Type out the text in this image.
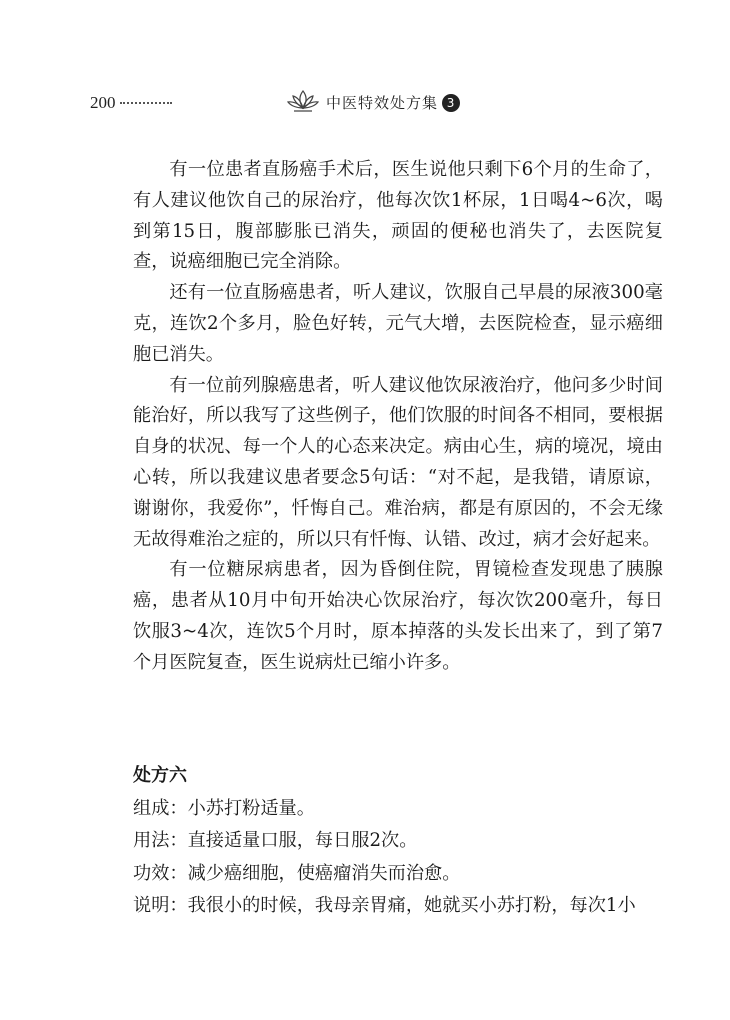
200	中医特效处方集 3

有一位患者直肠癌手术后，医生说他只剩下6个月的生命了，有人建议他饮自己的尿治疗，他每次饮1杯尿，1日喝4~6次，喝到第15日，腹部膨胀已消失，顽固的便秘也消失了，去医院复查，说癌细胞已完全消除。

还有一位直肠癌患者，听人建议，饮服自己早晨的尿液300毫克，连饮2个多月，脸色好转，元气大增，去医院检查，显示癌细胞已消失。

有一位前列腺癌患者，听人建议他饮尿液治疗，他问多少时间能治好，所以我写了这些例子，他们饮服的时间各不相同，要根据自身的状况、每一个人的心态来决定。病由心生，病的境况，境由心转，所以我建议患者要念5句话：“对不起，是我错，请原谅，谢谢你，我爱你”，忏悔自己。难治病，都是有原因的，不会无缘无故得难治之症的，所以只有忏悔、认错、改过，病才会好起来。

有一位糖尿病患者，因为昏倒住院，胃镜检查发现患了胰腺癌，患者从10月中旬开始决心饮尿治疗，每次饮200毫升，每日饮服3~4次，连饮5个月时，原本掉落的头发长出来了，到了第7个月医院复查，医生说病灶已缩小许多。

处方六

组成：小苏打粉适量。

用法：直接适量口服，每日服2次。

功效：减少癌细胞，使癌瘤消失而治愈。

说明：我很小的时候，我母亲胃痛，她就买小苏打粉，每次1小
